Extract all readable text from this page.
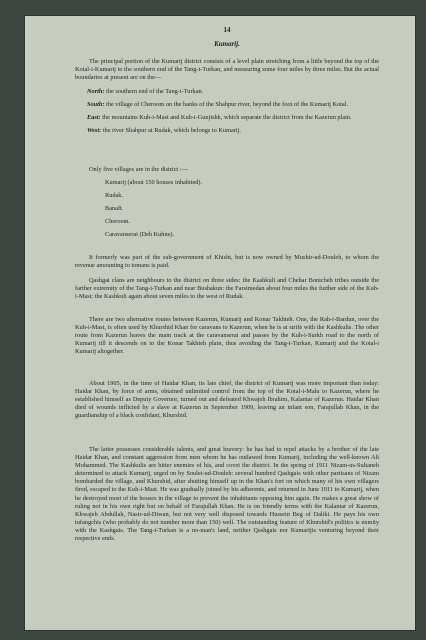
14
Kumarij.

The principal portion of the Kumarij district consists of a level plain stretching from a little beyond the top of the Kotal-i-Kumarij to the southern end of the Tang-i-Turkan, and measuring some four miles by three miles. But the actual boundaries at present are on the—

North: the southern end of the Tang-i-Turkan.

South: the village of Cheroom on the banks of the Shahpur river, beyond the foot of the Kumarij Kotal.

East: the mountains Kuh-i-Mast and Kuh-i-Gunjishk, which separate the district from the Kazerun plain.

West: the river Shahpur at Rudak, which belongs to Kumarij.

Only five villages are in the district :—

Kumarij (about 150 houses inhabited).
Rudak.
Banaft.
Cheroom.
Caravanserai (Deh Kuhne).

It formerly was part of the sub-government of Khisht, but is now owned by Mushir-ud-Douleh, to whom the revenue amounting to tomans is paid.

Qashgai clans are neighbours to the district on three sides: the Kashkuli and Chehar Bonicheh tribes outside the farther extremity of the Tang-i-Turkan and near Bushakun: the Farsimedan about four miles the further side of the Kuh-i-Mast: the Kashkuli again about seven miles to the west of Rudak.

There are two alternative routes between Kazerun, Kumarij and Konar Takhteh. One, the Rah-i-Bardun, over the Kuh-i-Mast, is often used by Khurshid Khan for caravans to Kazerun, when he is at strife with the Kashkulis. The other route from Kazerun leaves the main track at the caravanserai and passes by the Kuh-i-Surkh road to the north of Kumarij till it descends on to the Konar Takhteh plain, thus avoiding the Tang-i-Turkan, Kumarij and the Kotal-i Kumarij altogether.

About 1905, in the time of Haidar Khan, its late chief, the district of Kumarij was more important than today: Haidar Khan, by force of arms, obtained unlimited control from the top of the Kotal-i-Malu to Kazerun, where he established himself as Deputy Governor, turned out and defeated Khwajeh Ibrahim, Kalantar of Kazerun. Haidar Khan died of wounds inflicted by a slave at Kazerun in September 1909, leaving an infant son, Farajullah Khan, in the guardianship of a black confidant, Khurshid.

The latter possesses considerable talents, and great bravery: he has had to repel attacks by a brother of the late Haidar Khan, and constant aggression from men whom he has outlawed from Kumarij, including the well-known Ali Mohammed. The Kashkulis are bitter enemies of his, and covet the district. In the spring of 1911 Nizam-us-Sultaneh determined to attack Kumarij, urged on by Soulet-ud-Douleh: several hundred Qashgais with other partisans of Nizam bombarded the village, and Khurshid, after shutting himself up in the Khan's fort on which many of his own villagers fired, escaped to the Kuh-i-Mast. He was gradually joined by his adherents, and returned in June 1911 to Kumarij, when he destroyed most of the houses in the village to prevent the inhabitants opposing him again. He makes a great show of ruling not in his own right but on behalf of Farajullah Khan. He is on friendly terms with the Kalantar of Kazerun, Khwajeh Abdullah, Nasir-ud-Diwan, but not very well disposed towards Hussein Beg of Daliki. He pays his own tufangchis (who probably do not number more than 150) well. The outstanding feature of Khurshid's politics is enmity with the Kashgais. The Tang-i-Turkan is a no-man's land, neither Qashgais nor Kumarijis venturing beyond their respective ends.
